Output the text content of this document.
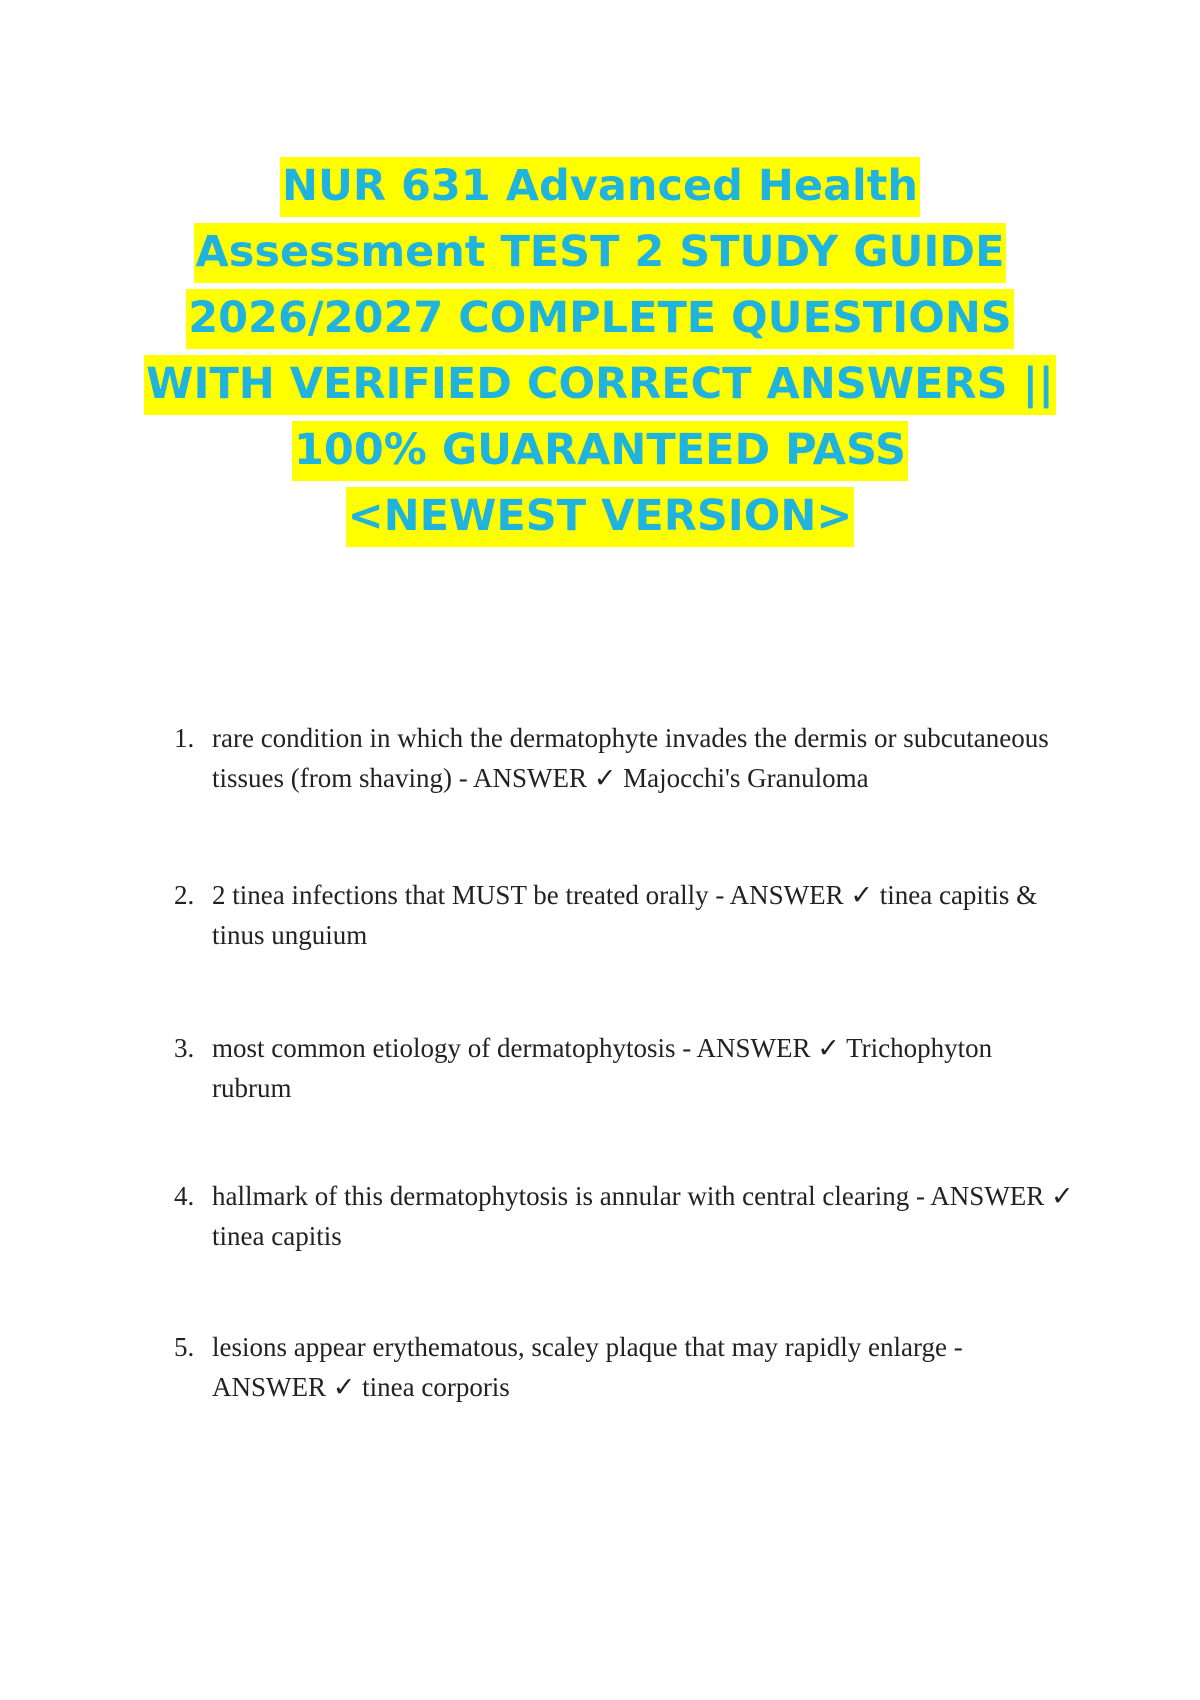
NUR 631 Advanced Health
Assessment TEST 2 STUDY GUIDE
2026/2027 COMPLETE QUESTIONS
WITH VERIFIED CORRECT ANSWERS ||
100% GUARANTEED PASS
<NEWEST VERSION>
1. rare condition in which the dermatophyte invades the dermis or subcutaneous tissues (from shaving) - ANSWER ✓ Majocchi's Granuloma
2. 2 tinea infections that MUST be treated orally - ANSWER ✓ tinea capitis & tinus unguium
3. most common etiology of dermatophytosis - ANSWER ✓ Trichophyton rubrum
4. hallmark of this dermatophytosis is annular with central clearing - ANSWER ✓ tinea capitis
5. lesions appear erythematous, scaley plaque that may rapidly enlarge - ANSWER ✓ tinea corporis
